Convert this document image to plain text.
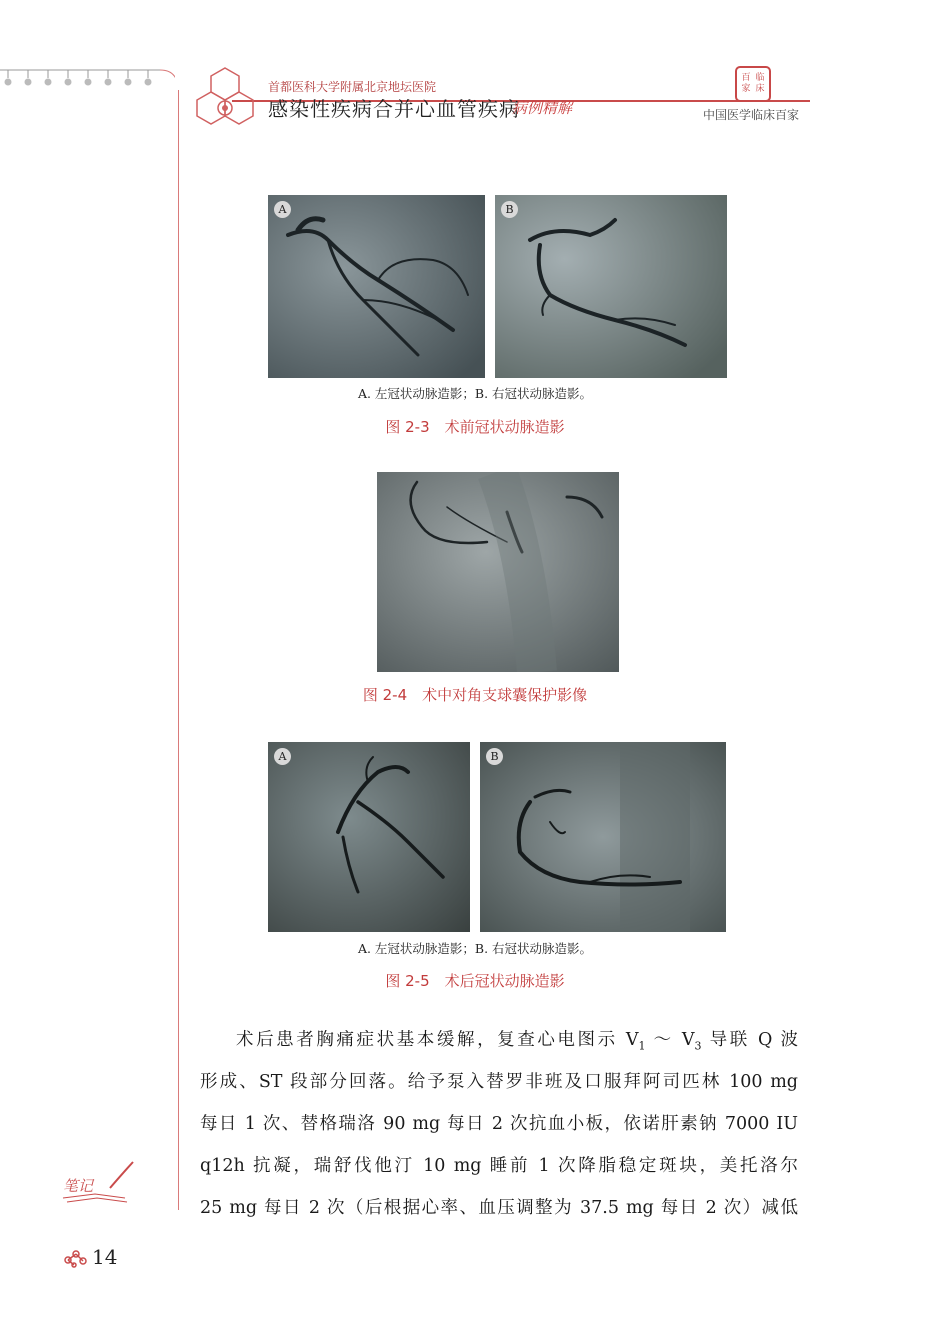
首都医科大学附属北京地坛医院
感染性疾病合并心血管疾病
病例精解
百 临
家 床
中国医学临床百家
A	B
A. 左冠状动脉造影；B. 右冠状动脉造影。
图 2-3　术前冠状动脉造影
图 2-4　术中对角支球囊保护影像
A	B
A. 左冠状动脉造影；B. 右冠状动脉造影。
图 2-5　术后冠状动脉造影
术后患者胸痛症状基本缓解，复查心电图示 $V_1$ ～ $V_3$ 导联 Q 波
形成、ST 段部分回落。给予泵入替罗非班及口服拜阿司匹林 100 mg
每日 1 次、替格瑞洛 90 mg 每日 2 次抗血小板，依诺肝素钠 7000 IU
q12h 抗凝，瑞舒伐他汀 10 mg 睡前 1 次降脂稳定斑块，美托洛尔
25 mg 每日 2 次（后根据心率、血压调整为 37.5 mg 每日 2 次）减低
笔记
14
